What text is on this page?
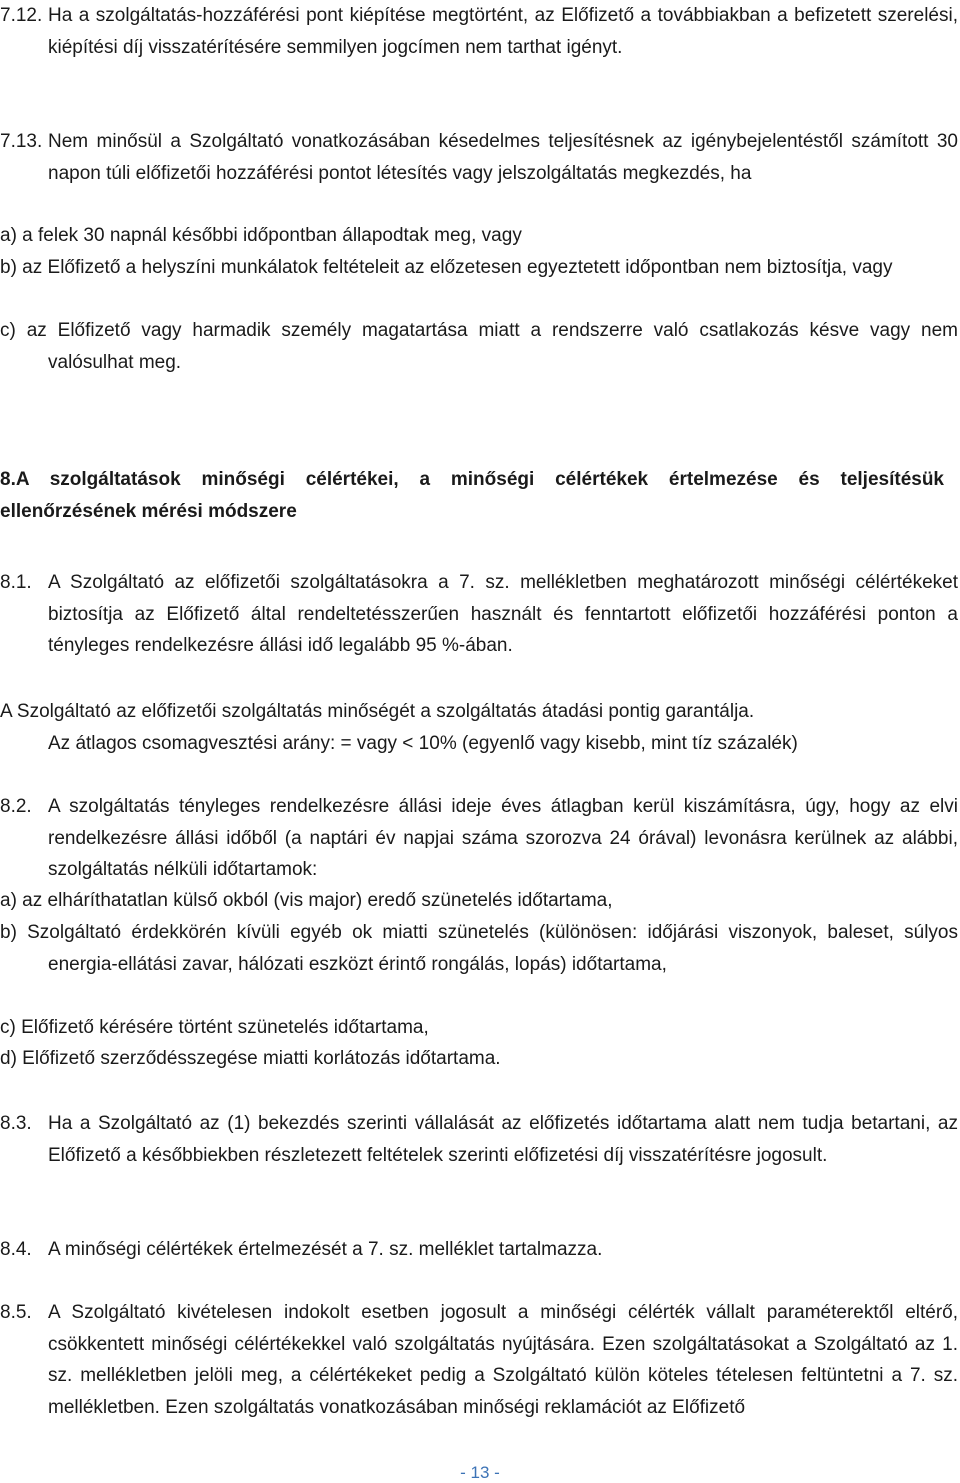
7.12. Ha a szolgáltatás-hozzáférési pont kiépítése megtörtént, az Előfizető a továbbiakban a befizetett szerelési, kiépítési díj visszatérítésére semmilyen jogcímen nem tarthat igényt.
7.13. Nem minősül a Szolgáltató vonatkozásában késedelmes teljesítésnek az igénybejelentéstől számított 30 napon túli előfizetői hozzáférési pontot létesítés vagy jelszolgáltatás megkezdés, ha
a) a felek 30 napnál későbbi időpontban állapodtak meg, vagy
b) az Előfizető a helyszíni munkálatok feltételeit az előzetesen egyeztetett időpontban nem biztosítja, vagy
c) az Előfizető vagy harmadik személy magatartása miatt a rendszerre való csatlakozás késve vagy nem valósulhat meg.
8.A szolgáltatások minőségi célértékei, a minőségi célértékek értelmezése és teljesítésük ellenőrzésének mérési módszere
8.1. A Szolgáltató az előfizetői szolgáltatásokra a 7. sz. mellékletben meghatározott minőségi célértékeket biztosítja az Előfizető által rendeltetésszerűen használt és fenntartott előfizetői hozzáférési ponton a tényleges rendelkezésre állási idő legalább 95 %-ában.
A Szolgáltató az előfizetői szolgáltatás minőségét a szolgáltatás átadási pontig garantálja.
Az átlagos csomagvesztési arány: = vagy < 10% (egyenlő vagy kisebb, mint tíz százalék)
8.2. A szolgáltatás tényleges rendelkezésre állási ideje éves átlagban kerül kiszámításra, úgy, hogy az elvi rendelkezésre állási időből (a naptári év napjai száma szorozva 24 órával) levonásra kerülnek az alábbi, szolgáltatás nélküli időtartamok:
a) az elháríthatatlan külső okból (vis major) eredő szünetelés időtartama,
b) Szolgáltató érdekkörén kívüli egyéb ok miatti szünetelés (különösen: időjárási viszonyok, baleset, súlyos energia-ellátási zavar, hálózati eszközt érintő rongálás, lopás) időtartama,
c) Előfizető kérésére történt szünetelés időtartama,
d) Előfizető szerződésszegése miatti korlátozás időtartama.
8.3. Ha a Szolgáltató az (1) bekezdés szerinti vállalását az előfizetés időtartama alatt nem tudja betartani, az Előfizető a későbbiekben részletezett feltételek szerinti előfizetési díj visszatérítésre jogosult.
8.4. A minőségi célértékek értelmezését a 7. sz. melléklet tartalmazza.
8.5. A Szolgáltató kivételesen indokolt esetben jogosult a minőségi célérték vállalt paraméterektől eltérő, csökkentett minőségi célértékekkel való szolgáltatás nyújtására. Ezen szolgáltatásokat a Szolgáltató az 1. sz. mellékletben jelöli meg, a célértékeket pedig a Szolgáltató külön köteles tételesen feltüntetni a 7. sz. mellékletben. Ezen szolgáltatás vonatkozásában minőségi reklamációt az Előfizető
- 13 -
